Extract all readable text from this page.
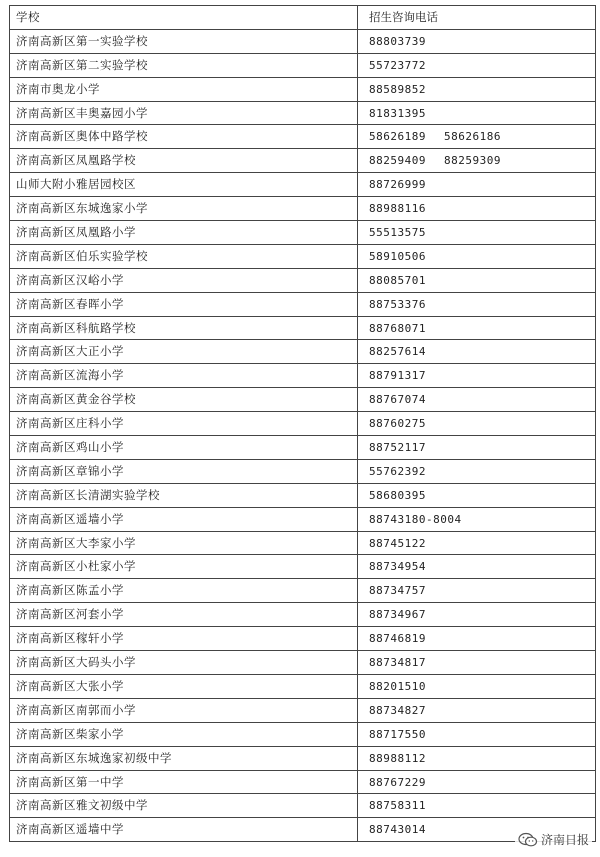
学校	招生咨询电话
济南高新区第一实验学校	88803739
济南高新区第二实验学校	55723772
济南市奥龙小学	88589852
济南高新区丰奥嘉园小学	81831395
济南高新区奥体中路学校	58626189 58626186
济南高新区凤凰路学校	88259409 88259309
山师大附小雅居园校区	88726999
济南高新区东城逸家小学	88988116
济南高新区凤凰路小学	55513575
济南高新区伯乐实验学校	58910506
济南高新区汉峪小学	88085701
济南高新区春晖小学	88753376
济南高新区科航路学校	88768071
济南高新区大正小学	88257614
济南高新区流海小学	88791317
济南高新区黄金谷学校	88767074
济南高新区庄科小学	88760275
济南高新区鸡山小学	88752117
济南高新区章锦小学	55762392
济南高新区长清湖实验学校	58680395
济南高新区遥墙小学	88743180-8004
济南高新区大李家小学	88745122
济南高新区小杜家小学	88734954
济南高新区陈孟小学	88734757
济南高新区河套小学	88734967
济南高新区稼轩小学	88746819
济南高新区大码头小学	88734817
济南高新区大张小学	88201510
济南高新区南郭而小学	88734827
济南高新区柴家小学	88717550
济南高新区东城逸家初级中学	88988112
济南高新区第一中学	88767229
济南高新区雅文初级中学	88758311
济南高新区遥墙中学	88743014
济南日报
